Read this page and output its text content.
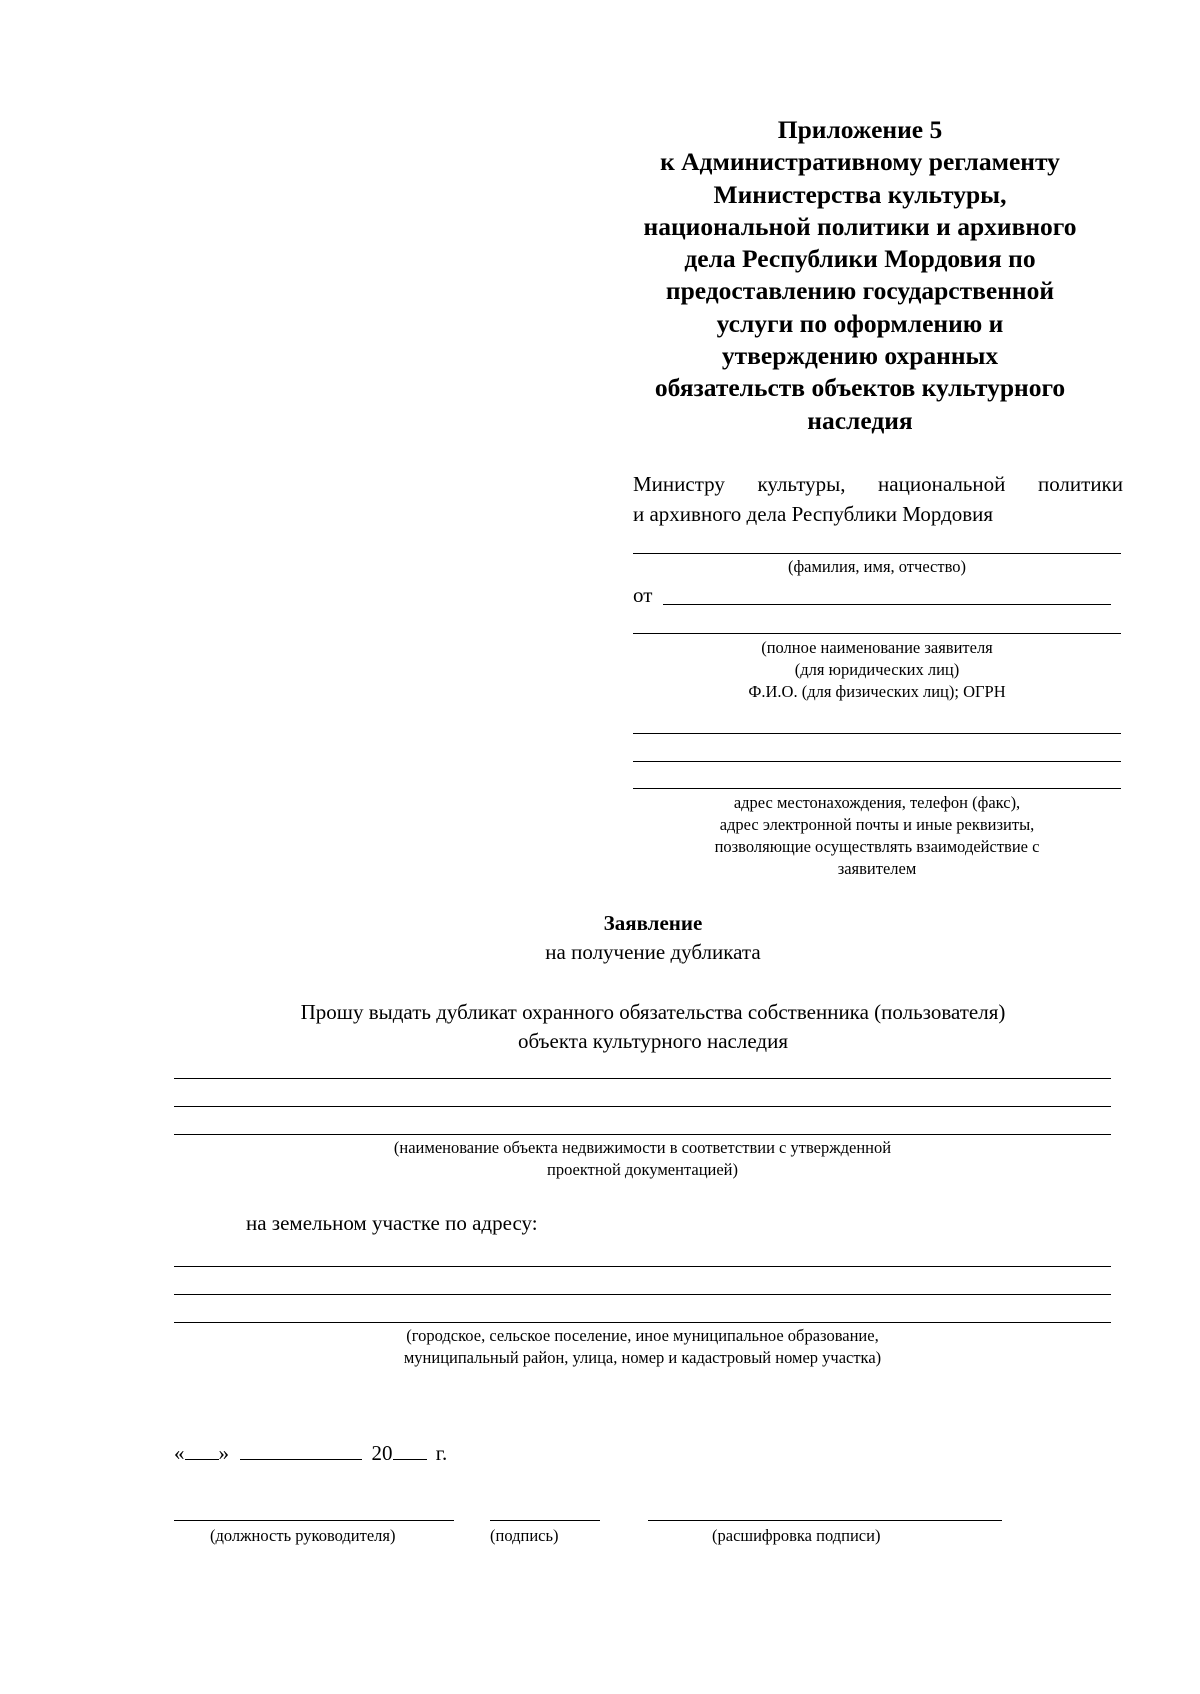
Приложение 5
к Административному регламенту
Министерства культуры,
национальной политики и архивного
дела Республики Мордовия по
предоставлению государственной
услуги по оформлению и
утверждению охранных
обязательств объектов культурного
наследия
Министру культуры, национальной политики
и архивного дела Республики Мордовия
(фамилия, имя, отчество)
от
(полное наименование заявителя
(для юридических лиц)
Ф.И.О. (для физических лиц); ОГРН
адрес местонахождения, телефон (факс),
адрес электронной почты и иные реквизиты,
позволяющие осуществлять взаимодействие с
заявителем
Заявление
на получение дубликата
Прошу выдать дубликат охранного обязательства собственника (пользователя)
объекта культурного наследия
(наименование объекта недвижимости в соответствии с утвержденной
проектной документацией)
на земельном участке по адресу:
(городское, сельское поселение, иное муниципальное образование,
муниципальный район, улица, номер и кадастровый номер участка)
« »	20 г.
(должность руководителя)	(подпись)	(расшифровка подписи)
